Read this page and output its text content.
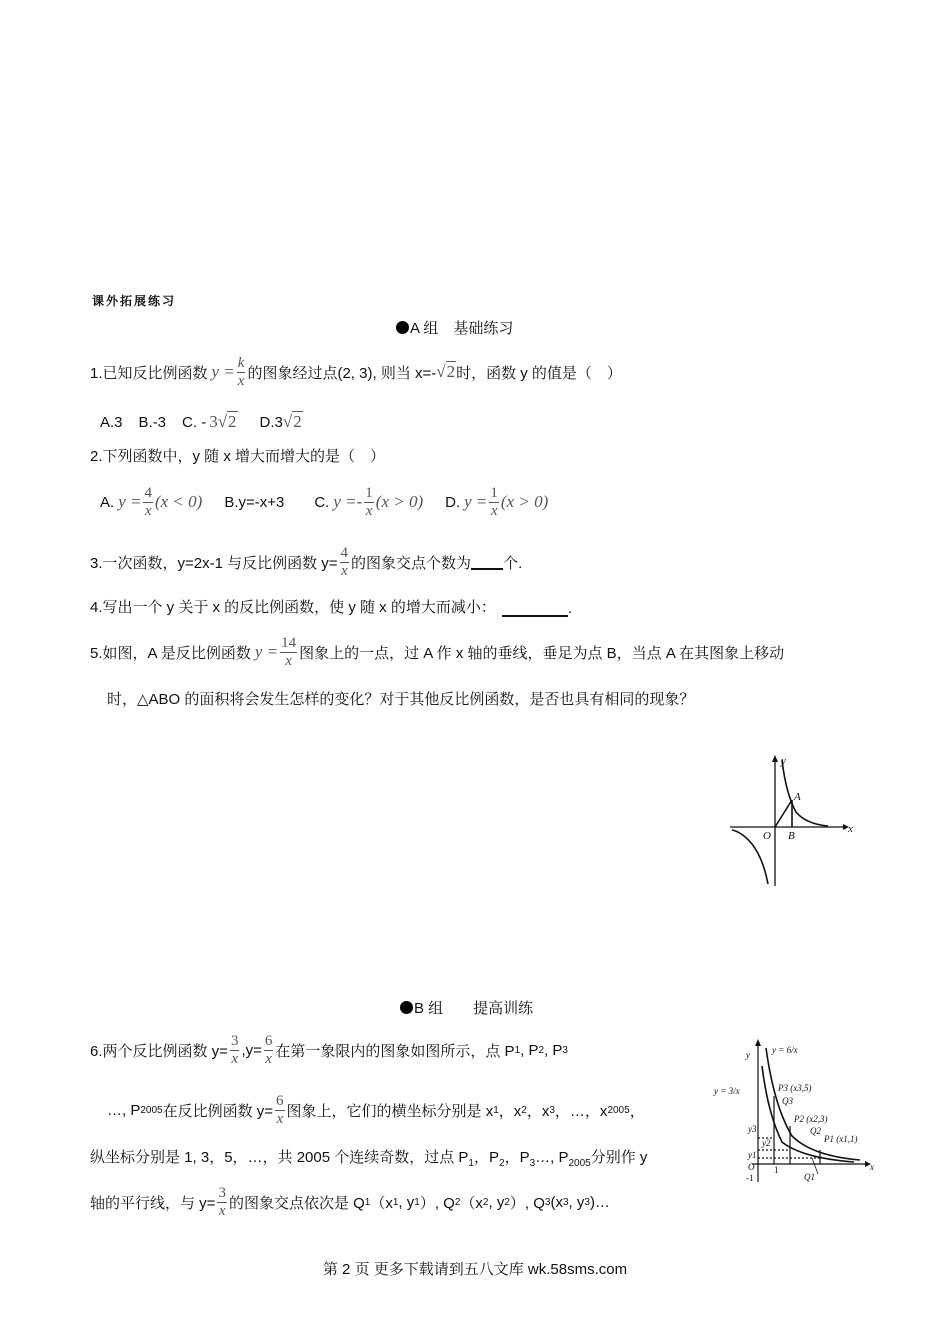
课外拓展练习
A 组　基础练习
1.已知反比例函数 $y = \frac{k}{x}$ 的图象经过点(2, 3), 则当 x=- √2 时，函数 y 的值是（　）
A.3 B.-3 C. - 3 √2 D.3 √2
2.下列函数中，y 随 x 增大而增大的是（　）
A. $y = \frac{4}{x} (x < 0)$ B.y=-x+3 C. $y =- \frac{1}{x} (x > 0)$ D. $y = \frac{1}{x} (x > 0)$
3.一次函数，y=2x-1 与反比例函数 $y= \frac{4}{x}$ 的图象交点个数为 个.
4.写出一个 y 关于 x 的反比例函数，使 y 随 x 的增大而减小：	.
5.如图，A 是反比例函数 $y = \frac{14}{x}$ 图象上的一点，过 A 作 x 轴的垂线，垂足为点 B，当点 A 在其图象上移动
时，△ABO 的面积将会发生怎样的变化？对于其他反比例函数，是否也具有相同的现象？
y
x
O
A
B
B 组　　提高训练
6.两个反比例函数 $y= \frac{3}{x} ,y= \frac{6}{x}$ 在第一象限内的图象如图所示，点 P 1 , P 2 , P 3
…, P 2005 在反比例函数 $y= \frac{6}{x}$ 图象上，它们的横坐标分别是 x 1 ，x 2 ，x 3 ，…，x 2005 ，
纵坐标分别是 1, 3，5，…，共 2005 个连续奇数，过点 $P_1$，$P_2$，$P_3\dots$, $P_{2005}$分别作 y
轴的平行线，与 $y= \frac{3}{x}$ 的图象交点依次是 Q 1 （x 1 , y 1 ）, Q 2 （x 2 , y 2 ）, Q 3 (x 3 , y 3 )…
y
x
y = 6/x
y = 3/x	P3 (x3,5)
Q3
P2 (x2,3)
Q2
P1 (x1,1)
Q1
y3
y2
y1
O 1
-1
第 2 页 更多下载请到五八文库 wk.58sms.com
